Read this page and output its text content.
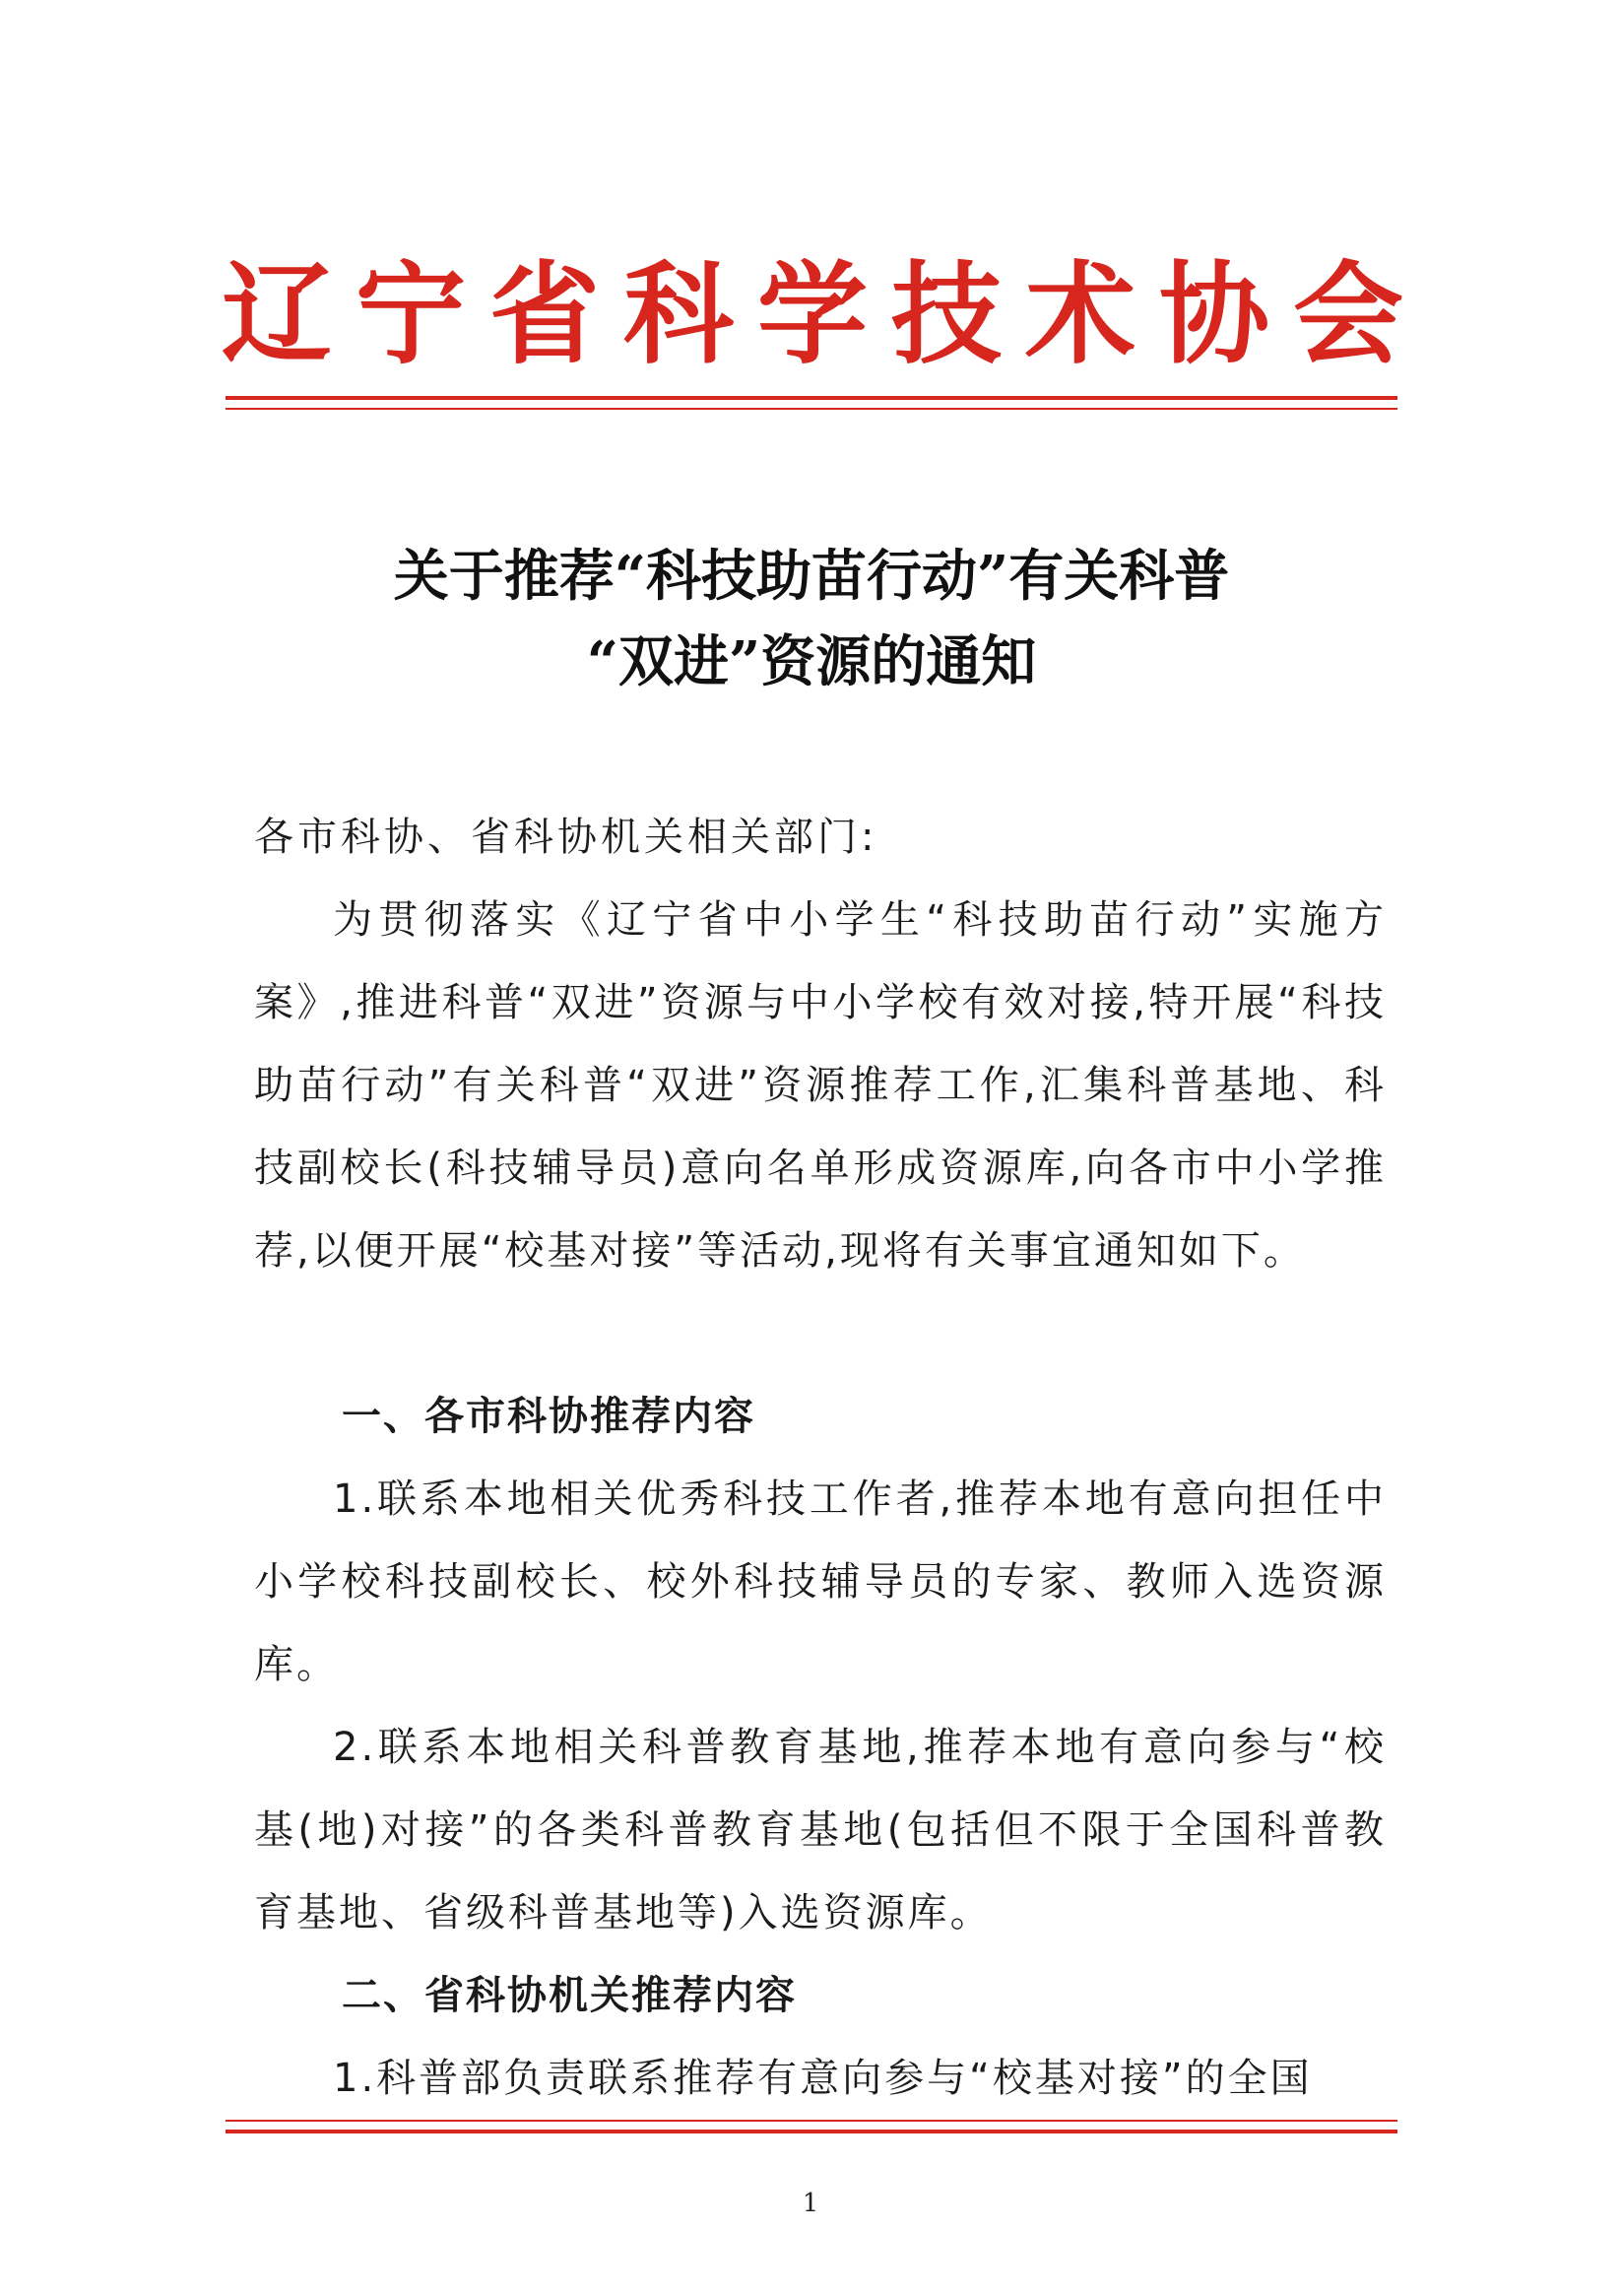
辽宁省科学技术协会
关于推荐“科技助苗行动”有关科普
“双进”资源的通知
各市科协、省科协机关相关部门:

为贯彻落实《辽宁省中小学生“科技助苗行动”实施方案》,推进科普“双进”资源与中小学校有效对接,特开展“科技助苗行动”有关科普“双进”资源推荐工作,汇集科普基地、科技副校长(科技辅导员)意向名单形成资源库,向各市中小学推荐,以便开展“校基对接”等活动,现将有关事宜通知如下。

一、各市科协推荐内容

1.联系本地相关优秀科技工作者,推荐本地有意向担任中小学校科技副校长、校外科技辅导员的专家、教师入选资源库。

2.联系本地相关科普教育基地,推荐本地有意向参与“校基(地)对接”的各类科普教育基地(包括但不限于全国科普教育基地、省级科普基地等)入选资源库。

二、省科协机关推荐内容

1.科普部负责联系推荐有意向参与“校基对接”的全国

1
